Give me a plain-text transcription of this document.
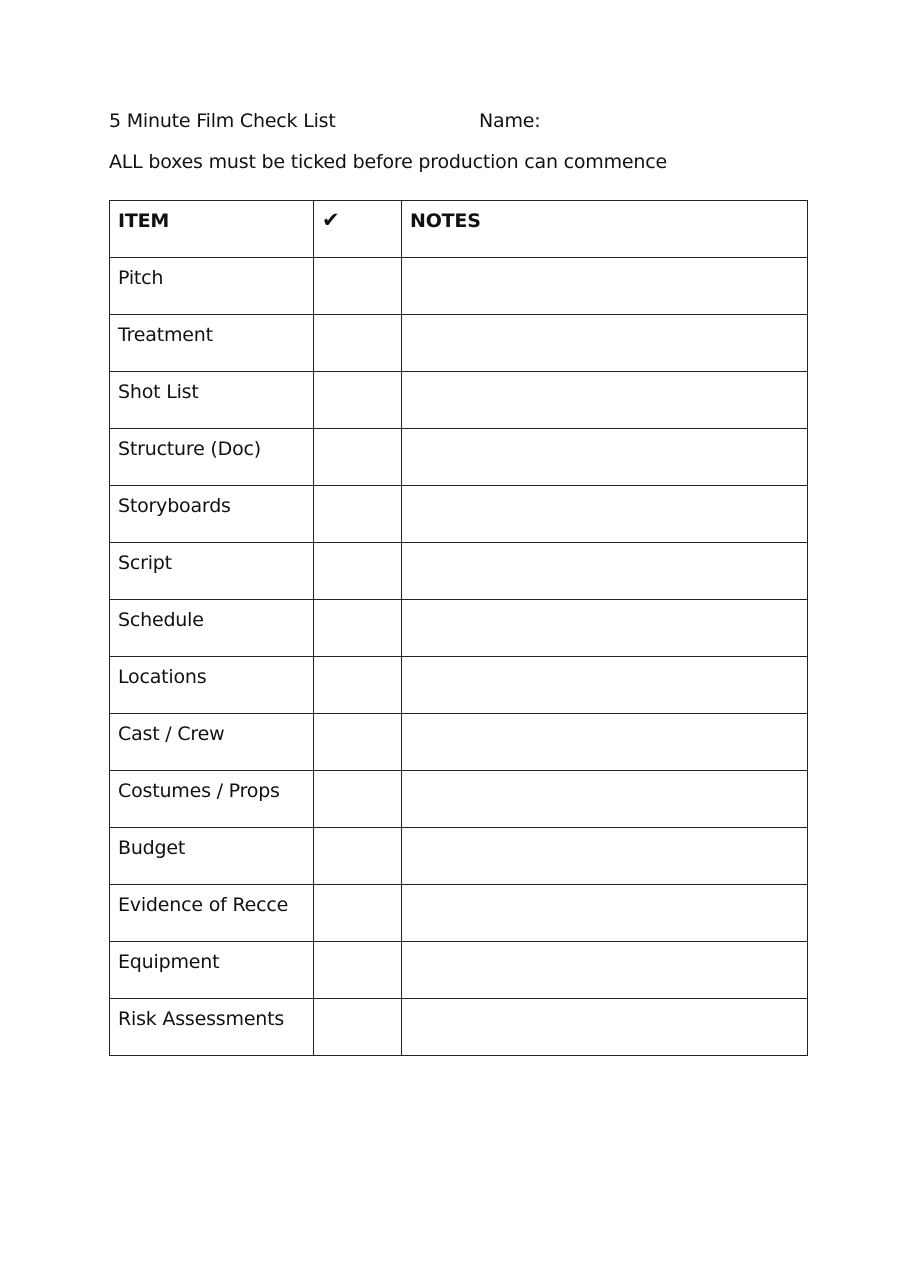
5 Minute Film Check List	Name:
ALL boxes must be ticked before production can commence
ITEM	✔	NOTES

Pitch		

Treatment		

Shot List		

Structure (Doc)		

Storyboards		

Script		

Schedule		

Locations		

Cast / Crew		

Costumes / Props		

Budget		

Evidence of Recce		

Equipment		

Risk Assessments		
